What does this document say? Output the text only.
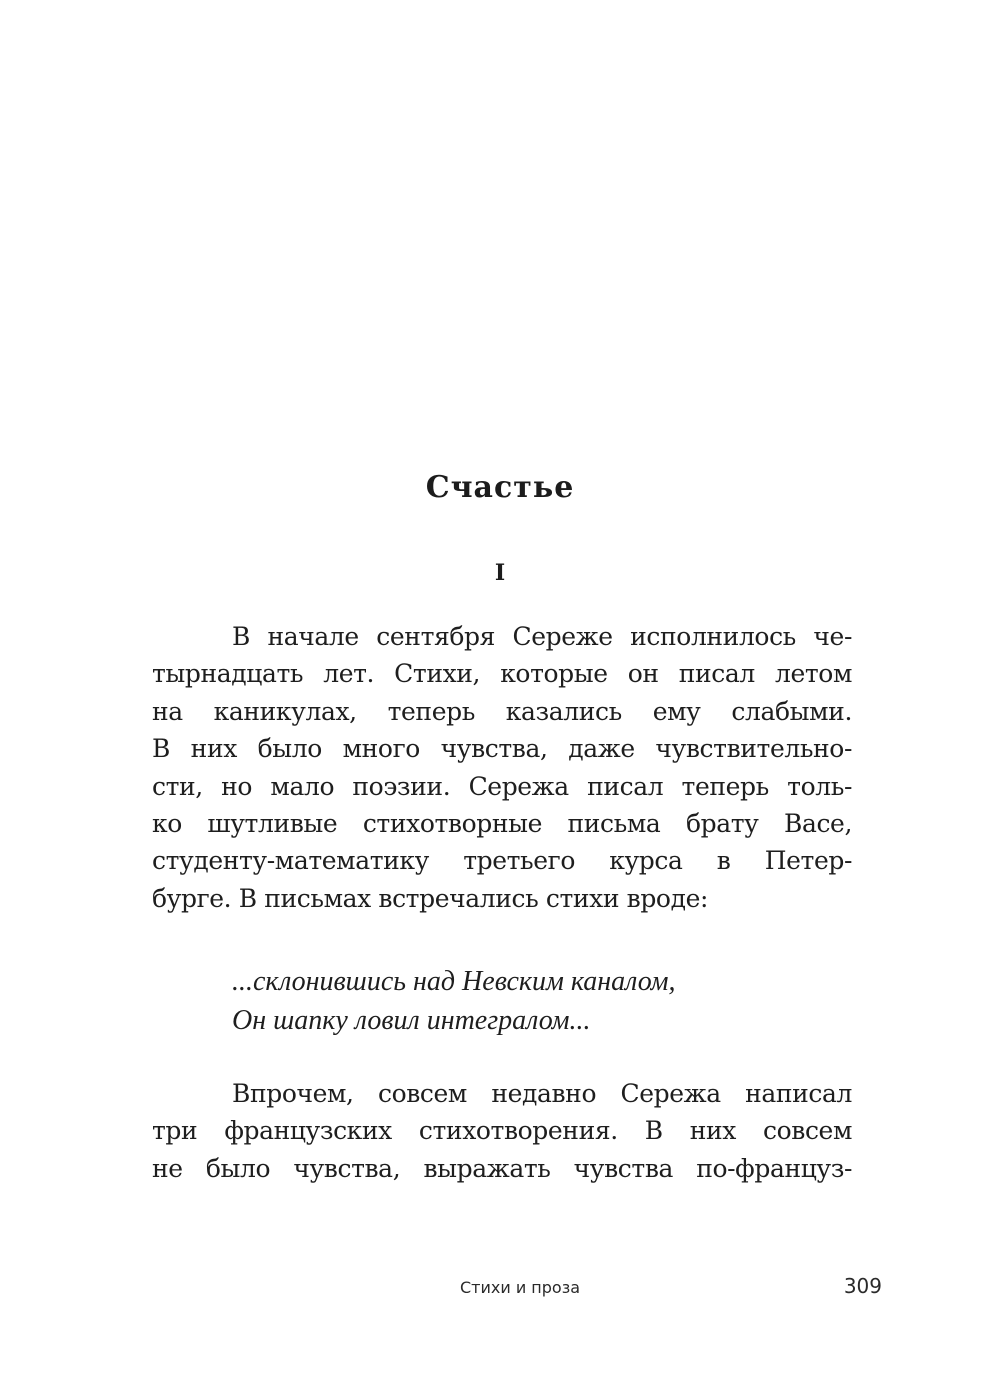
Счастье
I

В начале сентября Сереже исполнилось че-
тырнадцать лет. Стихи, которые он писал летом
на каникулах, теперь казались ему слабыми.
В них было много чувства, даже чувствительно-
сти, но мало поэзии. Сережа писал теперь толь-
ко шутливые стихотворные письма брату Васе,
студенту-математику третьего курса в Петер-
бурге. В письмах встречались стихи вроде:

...склонившись над Невским каналом,
Он шапку ловил интегралом...

Впрочем, совсем недавно Сережа написал
три французских стихотворения. В них совсем
не было чувства, выражать чувства по-француз-

Стихи и проза	309
